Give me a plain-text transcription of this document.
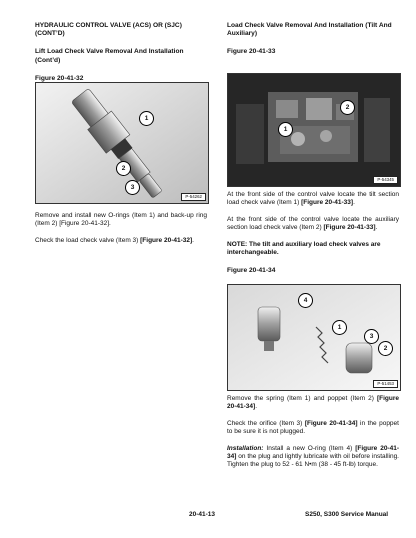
HYDRAULIC CONTROL VALVE (ACS) OR (SJC) (CONT’D)

Lift Load Check Valve Removal And Installation (Cont’d)

Figure 20-41-32

P-54262
1
2
3

Remove and install new O-rings (Item 1) and back-up ring (Item 2) [Figure 20-41-32].

Check the load check valve (Item 3) [Figure 20-41-32].

Load Check Valve Removal And Installation (Tilt And Auxiliary)

Figure 20-41-33

P-54345
2
1

At the front side of the control valve locate the tilt section load check valve (Item 1) [Figure 20-41-33].

At the front side of the control valve locate the auxiliary section load check valve (Item 2) [Figure 20-41-33].

NOTE: The tilt and auxiliary load check valves are interchangeable.

Figure 20-41-34

P-51453
4
1
3
2

Remove the spring (Item 1) and poppet (Item 2) [Figure 20-41-34].

Check the orifice (Item 3) [Figure 20-41-34] in the poppet to be sure it is not plugged.

Installation: Install a new O-ring (Item 4) [Figure 20-41-34] on the plug and lightly lubricate with oil before installing. Tighten the plug to 52 - 61 N•m (38 - 45 ft-lb) torque.

20-41-13	S250, S300 Service Manual
